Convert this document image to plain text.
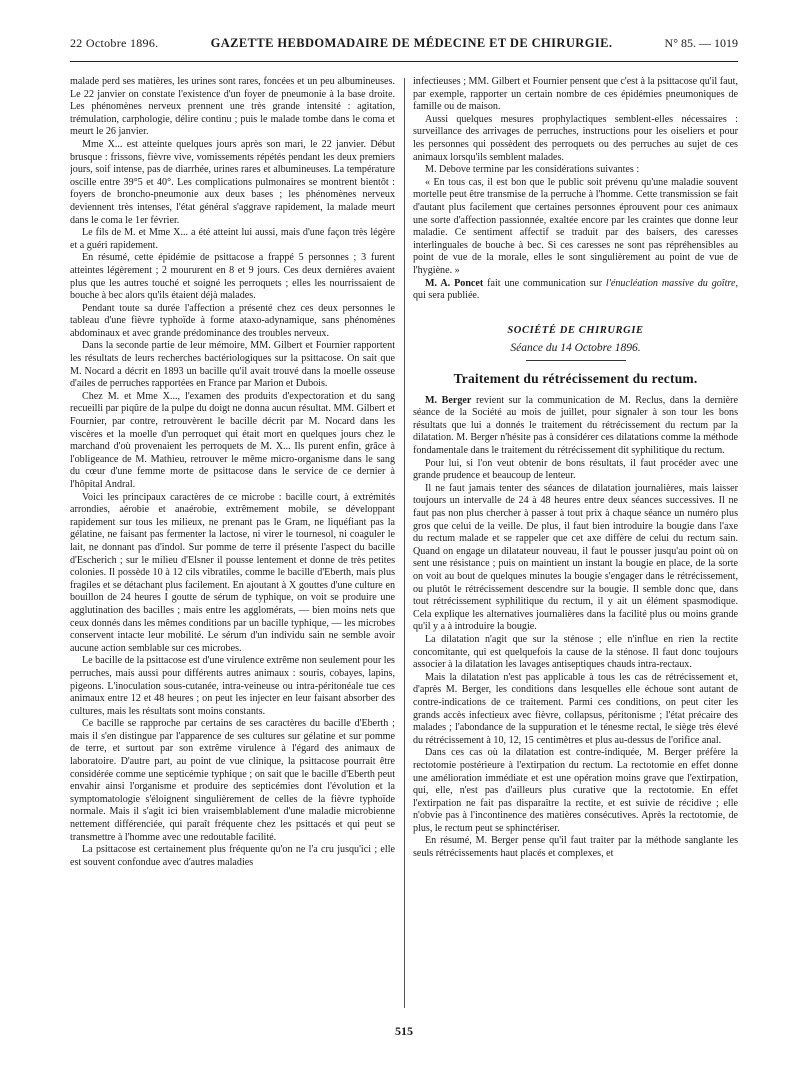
22 Octobre 1896.	GAZETTE HEBDOMADAIRE DE MÉDECINE ET DE CHIRURGIE.	N° 85. — 1019

malade perd ses matières, les urines sont rares, foncées et un peu albumineuses. Le 22 janvier on constate l'existence d'un foyer de pneumonie à la base droite. Les phénomènes nerveux prennent une très grande intensité : agitation, trémulation, carphologie, délire continu ; puis le malade tombe dans le coma et meurt le 26 janvier.

Mme X... est atteinte quelques jours après son mari, le 22 janvier. Début brusque : frissons, fièvre vive, vomissements répétés pendant les deux premiers jours, soif intense, pas de diarrhée, urines rares et albumineuses. La température oscille entre 39°5 et 40°. Les complications pulmonaires se montrent bientôt : foyers de broncho-pneumonie aux deux bases ; les phénomènes nerveux deviennent très intenses, l'état général s'aggrave rapidement, la malade meurt dans le coma le 1er février.

Le fils de M. et Mme X... a été atteint lui aussi, mais d'une façon très légère et a guéri rapidement.

En résumé, cette épidémie de psittacose a frappé 5 personnes ; 3 furent atteintes légèrement ; 2 moururent en 8 et 9 jours. Ces deux dernières avaient plus que les autres touché et soigné les perroquets ; elles les nourrissaient de bouche à bec alors qu'ils étaient déjà malades.

Pendant toute sa durée l'affection a présenté chez ces deux personnes le tableau d'une fièvre typhoïde à forme ataxo-adynamique, sans phénomènes abdominaux et avec grande prédominance des troubles nerveux.

Dans la seconde partie de leur mémoire, MM. Gilbert et Fournier rapportent les résultats de leurs recherches bactériologiques sur la psittacose. On sait que M. Nocard a décrit en 1893 un bacille qu'il avait trouvé dans la moelle osseuse d'ailes de perruches rapportées en France par Marion et Dubois.

Chez M. et Mme X..., l'examen des produits d'expectoration et du sang recueilli par piqûre de la pulpe du doigt ne donna aucun résultat. MM. Gilbert et Fournier, par contre, retrouvèrent le bacille décrit par M. Nocard dans les viscères et la moelle d'un perroquet qui était mort en quelques jours chez le marchand d'où provenaient les perroquets de M. X... Ils purent enfin, grâce à l'obligeance de M. Mathieu, retrouver le même micro-organisme dans le sang du cœur d'une femme morte de psittacose dans le service de ce dernier à l'hôpital Andral.

Voici les principaux caractères de ce microbe : bacille court, à extrémités arrondies, aérobie et anaérobie, extrêmement mobile, se développant rapidement sur tous les milieux, ne prenant pas le Gram, ne liquéfiant pas la gélatine, ne faisant pas fermenter la lactose, ni virer le tournesol, ni coaguler le lait, ne donnant pas d'indol. Sur pomme de terre il présente l'aspect du bacille d'Escherich ; sur le milieu d'Elsner il pousse lentement et donne de très petites colonies. Il possède 10 à 12 cils vibratiles, comme le bacille d'Eberth, mais plus fragiles et se détachant plus facilement. En ajoutant à X gouttes d'une culture en bouillon de 24 heures I goutte de sérum de typhique, on voit se produire une agglutination des bacilles ; mais entre les agglomérats, — bien moins nets que ceux donnés dans les mêmes conditions par un bacille typhique, — les microbes conservent intacte leur mobilité. Le sérum d'un individu sain ne semble avoir aucune action semblable sur ces microbes.

Le bacille de la psittacose est d'une virulence extrême non seulement pour les perruches, mais aussi pour différents autres animaux : souris, cobayes, lapins, pigeons. L'inoculation sous-cutanée, intra-veineuse ou intra-péritonéale tue ces animaux entre 12 et 48 heures ; on peut les injecter en leur faisant absorber des cultures, mais les résultats sont moins constants.

Ce bacille se rapproche par certains de ses caractères du bacille d'Eberth ; mais il s'en distingue par l'apparence de ses cultures sur gélatine et sur pomme de terre, et surtout par son extrême virulence à l'égard des animaux de laboratoire. D'autre part, au point de vue clinique, la psittacose pourrait être considérée comme une septicémie typhique ; on sait que le bacille d'Eberth peut envahir ainsi l'organisme et produire des septicémies dont l'évolution et la symptomatologie s'éloignent singulièrement de celles de la fièvre typhoïde normale. Mais il s'agit ici bien vraisemblablement d'une maladie microbienne nettement différenciée, qui paraît fréquente chez les psittacés et qui peut se transmettre à l'homme avec une redoutable facilité.

La psittacose est certainement plus fréquente qu'on ne l'a cru jusqu'ici ; elle est souvent confondue avec d'autres maladies

infectieuses ; MM. Gilbert et Fournier pensent que c'est à la psittacose qu'il faut, par exemple, rapporter un certain nombre de ces épidémies pneumoniques de famille ou de maison.

Aussi quelques mesures prophylactiques semblent-elles nécessaires : surveillance des arrivages de perruches, instructions pour les oiseliers et pour les personnes qui possèdent des perroquets ou des perruches au sujet de ces animaux lorsqu'ils semblent malades.

M. Debove termine par les considérations suivantes :

« En tous cas, il est bon que le public soit prévenu qu'une maladie souvent mortelle peut être transmise de la perruche à l'homme. Cette transmission se fait d'autant plus facilement que certaines personnes éprouvent pour ces animaux une sorte d'affection passionnée, exaltée encore par les craintes que donne leur maladie. Ce sentiment affectif se traduit par des baisers, des caresses interlinguales de bouche à bec. Si ces caresses ne sont pas répréhensibles au point de vue de la morale, elles le sont singulièrement au point de vue de l'hygiène. »

M. A. Poncet fait une communication sur l'énucléation massive du goître, qui sera publiée.

SOCIÉTÉ DE CHIRURGIE
Séance du 14 Octobre 1896.
Traitement du rétrécissement du rectum.

M. Berger revient sur la communication de M. Reclus, dans la dernière séance de la Société au mois de juillet, pour signaler à son tour les bons résultats que lui a donnés le traitement du rétrécissement du rectum par la dilatation. M. Berger n'hésite pas à considérer ces dilatations comme la méthode fondamentale dans le traitement du rétrécissement dit syphilitique du rectum.

Pour lui, si l'on veut obtenir de bons résultats, il faut procéder avec une grande prudence et beaucoup de lenteur.

Il ne faut jamais tenter des séances de dilatation journalières, mais laisser toujours un intervalle de 24 à 48 heures entre deux séances successives. Il ne faut pas non plus chercher à passer à tout prix à chaque séance un numéro plus gros que celui de la veille. De plus, il faut bien introduire la bougie dans l'axe du rectum malade et se rappeler que cet axe diffère de celui du rectum sain. Quand on engage un dilatateur nouveau, il faut le pousser jusqu'au point où on sent une résistance ; puis on maintient un instant la bougie en place, de la sorte on voit au bout de quelques minutes la bougie s'engager dans le rétrécissement, ou plutôt le rétrécissement descendre sur la bougie. Il semble donc que, dans tout rétrécissement syphilitique du rectum, il y ait un élément spasmodique. Cela explique les alternatives journalières dans la facilité plus ou moins grande qu'il y a à introduire la bougie.

La dilatation n'agit que sur la sténose ; elle n'influe en rien la rectite concomitante, qui est quelquefois la cause de la sténose. Il faut donc toujours associer à la dilatation les lavages antiseptiques chauds intra-rectaux.

Mais la dilatation n'est pas applicable à tous les cas de rétrécissement et, d'après M. Berger, les conditions dans lesquelles elle échoue sont autant de contre-indications de ce traitement. Parmi ces conditions, on peut citer les grands accès infectieux avec fièvre, collapsus, péritonisme ; l'état précaire des malades ; l'abondance de la suppuration et le ténesme rectal, le siège très élevé du rétrécissement à 10, 12, 15 centimètres et plus au-dessus de l'orifice anal.

Dans ces cas où la dilatation est contre-indiquée, M. Berger préfère la rectotomie postérieure à l'extirpation du rectum. La rectotomie en effet donne une amélioration immédiate et est une opération moins grave que l'extirpation, qui, elle, n'est pas d'ailleurs plus curative que la rectotomie. En effet l'extirpation ne fait pas disparaître la rectite, et est suivie de récidive ; elle n'obvie pas à l'incontinence des matières consécutives. Après la rectotomie, de plus, le rectum peut se sphinctériser.

En résumé, M. Berger pense qu'il faut traiter par la méthode sanglante les seuls rétrécissements haut placés et complexes, et

515
